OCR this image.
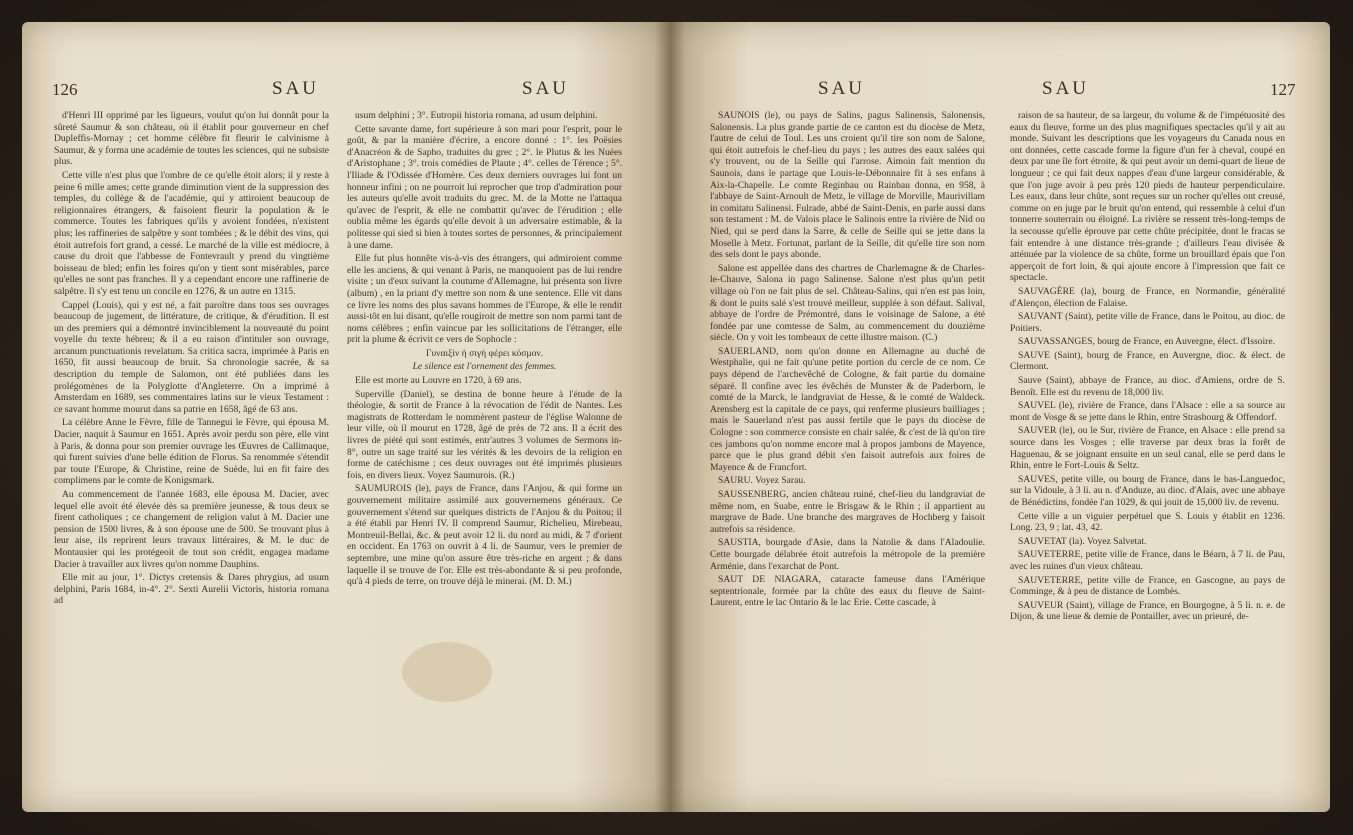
126	SAU	SAU

d'Henri III opprimé par les ligueurs, voulut qu'on lui donnât pour la sûreté Saumur & son château, où il établit pour gouverneur en chef Dupleffis-Mornay ; cet homme célèbre fit fleurir le calvinisme à Saumur, & y forma une académie de toutes les sciences, qui ne subsiste plus.

Cette ville n'est plus que l'ombre de ce qu'elle étoit alors; il y reste à peine 6 mille ames; cette grande diminution vient de la suppression des temples, du collège & de l'académie, qui y attiroient beaucoup de religionnaires étrangers, & faisoient fleurir la population & le commerce. Toutes les fabriques qu'ils y avoient fondées, n'existent plus; les raffineries de salpêtre y sont tombées ; & le débit des vins, qui étoit autrefois fort grand, a cessé. Le marché de la ville est médiocre, à cause du droit que l'abbesse de Fontevrault y prend du vingtième boisseau de bled; enfin les foires qu'on y tient sont misérables, parce qu'elles ne sont pas franches. Il y a cependant encore une raffinerie de salpêtre. Il s'y est tenu un concile en 1276, & un autre en 1315.

Cappel (Louis), qui y est né, a fait paroître dans tous ses ouvrages beaucoup de jugement, de littérature, de critique, & d'érudition. Il est un des premiers qui a démontré invinciblement la nouveauté du point voyelle du texte hébreu; & il a eu raison d'intituler son ouvrage, arcanum punctuationis revelatum. Sa critica sacra, imprimée à Paris en 1650, fit aussi beaucoup de bruit. Sa chronologie sacrée, & sa description du temple de Salomon, ont été publiées dans les prolégomènes de la Polyglotte d'Angleterre. On a imprimé à Amsterdam en 1689, ses commentaires latins sur le vieux Testament : ce savant homme mourut dans sa patrie en 1658, âgé de 63 ans.

La célèbre Anne le Fèvre, fille de Tannegui le Fèvre, qui épousa M. Dacier, naquit à Saumur en 1651. Après avoir perdu son père, elle vint à Paris, & donna pour son premier ouvrage les Œuvres de Callimaque, qui furent suivies d'une belle édition de Florus. Sa renommée s'étendit par toute l'Europe, & Christine, reine de Suède, lui en fit faire des complimens par le comte de Konigsmark.

Au commencement de l'année 1683, elle épousa M. Dacier, avec lequel elle avoit été élevée dès sa première jeunesse, & tous deux se firent catholiques ; ce changement de religion valut à M. Dacier une pension de 1500 livres, & à son épouse une de 500. Se trouvant plus à leur aise, ils reprirent leurs travaux littéraires, & M. le duc de Montausier qui les protégeoit de tout son crédit, engagea madame Dacier à travailler aux livres qu'on nomme Dauphins.

Elle mit au jour, 1°. Dictys cretensis & Dares phrygius, ad usum delphini, Paris 1684, in-4°. 2°. Sexti Aurelii Victoris, historia romana ad

usum delphini ; 3°. Eutropii historia romana, ad usum delphini.

Cette savante dame, fort supérieure à son mari pour l'esprit, pour le goût, & par la manière d'écrire, a encore donné : 1°. les Poësies d'Anacréon & de Sapho, traduites du grec ; 2°. le Plutus & les Nuées d'Aristophane ; 3°. trois comédies de Plaute ; 4°. celles de Térence ; 5°. l'Iliade & l'Odissée d'Homère. Ces deux derniers ouvrages lui font un honneur infini ; on ne pourroit lui reprocher que trop d'admiration pour les auteurs qu'elle avoit traduits du grec. M. de la Motte ne l'attaqua qu'avec de l'esprit, & elle ne combattit qu'avec de l'érudition ; elle oublia même les égards qu'elle devoit à un adversaire estimable, & la politesse qui sied si bien à toutes sortes de personnes, & principalement à une dame.

Elle fut plus honnête vis-à-vis des étrangers, qui admiroient comme elle les anciens, & qui venant à Paris, ne manquoient pas de lui rendre visite ; un d'eux suivant la coutume d'Allemagne, lui présenta son livre (album) , en la priant d'y mettre son nom & une sentence. Elle vit dans ce livre les noms des plus savans hommes de l'Europe, & elle le rendit aussi-tôt en lui disant, qu'elle rougiroit de mettre son nom parmi tant de noms célèbres ; enfin vaincue par les sollicitations de l'étranger, elle prit la plume & écrivit ce vers de Sophocle :

Γυναιξὶν ἡ σιγὴ φέρει κόσμον.

Le silence est l'ornement des femmes.

Elle est morte au Louvre en 1720, à 69 ans.

Superville (Daniel), se destina de bonne heure à l'étude de la théologie, & sortit de France à la révocation de l'édit de Nantes. Les magistrats de Rotterdam le nommèrent pasteur de l'église Walonne de leur ville, où il mourut en 1728, âgé de près de 72 ans. Il a écrit des livres de piété qui sont estimés, entr'autres 3 volumes de Sermons in-8°, outre un sage traité sur les vérités & les devoirs de la religion en forme de catéchisme ; ces deux ouvrages ont été imprimés plusieurs fois, en divers lieux. Voyez Saumurois. (R.)

SAUMUROIS (le), pays de France, dans l'Anjou, & qui forme un gouvernement militaire assimilé aux gouvernemens généraux. Ce gouvernement s'étend sur quelques districts de l'Anjou & du Poitou; il a été établi par Henri IV. Il comprend Saumur, Richelieu, Mirebeau, Montreuil-Bellai, &c. & peut avoir 12 li. du nord au midi, & 7 d'orient en occident. En 1763 on ouvrit à 4 li. de Saumur, vers le premier de septembre, une mine qu'on assure être très-riche en argent ; & dans laquelle il se trouve de l'or. Elle est très-abondante & si peu profonde, qu'à 4 pieds de terre, on trouve déjà le minerai. (M. D. M.)

SAU	SAU	127

SAUNOIS (le), ou pays de Salins, pagus Salinensis, Salonensis, Salonensis. La plus grande partie de ce canton est du diocèse de Metz, l'autre de celui de Toul. Les uns croient qu'il tire son nom de Salone, qui étoit autrefois le chef-lieu du pays ; les autres des eaux salées qui s'y trouvent, ou de la Seille qui l'arrose. Aimoin fait mention du Saunois, dans le partage que Louis-le-Débonnaire fit à ses enfans à Aix-la-Chapelle. Le comte Reginbau ou Rainbau donna, en 958, à l'abbaye de Saint-Arnoult de Metz, le village de Morville, Maurivillam in comitatu Salinensi. Fulrade, abbé de Saint-Denis, en parle aussi dans son testament : M. de Valois place le Salinois entre la rivière de Nid ou Nied, qui se perd dans la Sarre, & celle de Seille qui se jette dans la Moselle à Metz. Fortunat, parlant de la Seille, dit qu'elle tire son nom des sels dont le pays abonde.

Salone est appellée dans des chartres de Charlemagne & de Charles-le-Chauve, Salona in pago Salinense. Salone n'est plus qu'un petit village où l'on ne fait plus de sel. Château-Salins, qui n'en est pas loin, & dont le puits salé s'est trouvé meilleur, supplée à son défaut. Salival, abbaye de l'ordre de Prémontré, dans le voisinage de Salone, a été fondée par une comtesse de Salm, au commencement du douzième siècle. On y voit les tombeaux de cette illustre maison. (C.)

SAUERLAND, nom qu'on donne en Allemagne au duché de Westphalie, qui ne fait qu'une petite portion du cercle de ce nom. Ce pays dépend de l'archevêché de Cologne, & fait partie du domaine séparé. Il confine avec les évêchés de Munster & de Paderborn, le comté de la Marck, le landgraviat de Hesse, & le comté de Waldeck. Arensberg est la capitale de ce pays, qui renferme plusieurs bailliages ; mais le Sauerland n'est pas aussi fertile que le pays du diocèse de Cologne : son commerce consiste en chair salée, & c'est de là qu'on tire ces jambons qu'on nomme encore mal à propos jambons de Mayence, parce que le plus grand débit s'en faisoit autrefois aux foires de Mayence & de Francfort.

SAURU. Voyez Sarau.

SAUSSENBERG, ancien château ruiné, chef-lieu du landgraviat de même nom, en Suabe, entre le Brisgaw & le Rhin ; il appartient au margrave de Bade. Une branche des margraves de Hochberg y faisoit autrefois sa résidence.

SAUSTIA, bourgade d'Asie, dans la Natolie & dans l'Aladoulie. Cette bourgade délabrée étoit autrefois la métropole de la première Arménie, dans l'exarchat de Pont.

SAUT DE NIAGARA, cataracte fameuse dans l'Amérique septentrionale, formée par la chûte des eaux du fleuve de Saint-Laurent, entre le lac Ontario & le lac Erie. Cette cascade, à

raison de sa hauteur, de sa largeur, du volume & de l'impétuosité des eaux du fleuve, forme un des plus magnifiques spectacles qu'il y ait au monde. Suivant les descriptions que les voyageurs du Canada nous en ont données, cette cascade forme la figure d'un fer à cheval, coupé en deux par une île fort étroite, & qui peut avoir un demi-quart de lieue de longueur ; ce qui fait deux nappes d'eau d'une largeur considérable, & que l'on juge avoir à peu près 120 pieds de hauteur perpendiculaire. Les eaux, dans leur chûte, sont reçues sur un rocher qu'elles ont creusé, comme on en juge par le bruit qu'on entend, qui ressemble à celui d'un tonnerre souterrain ou éloigné. La rivière se ressent très-long-temps de la secousse qu'elle éprouve par cette chûte précipitée, dont le fracas se fait entendre à une distance très-grande ; d'ailleurs l'eau divisée & atténuée par la violence de sa chûte, forme un brouillard épais que l'on apperçoit de fort loin, & qui ajoute encore à l'impression que fait ce spectacle.

SAUVAGÈRE (la), bourg de France, en Normandie, généralité d'Alençon, élection de Falaise.

SAUVANT (Saint), petite ville de France, dans le Poitou, au dioc. de Poitiers.

SAUVASSANGES, bourg de France, en Auvergne, élect. d'Issoire.

SAUVE (Saint), bourg de France, en Auvergne, dioc. & élect. de Clermont.

Sauve (Saint), abbaye de France, au dioc. d'Amiens, ordre de S. Benoît. Elle est du revenu de 18,000 liv.

SAUVEL (le), rivière de France, dans l'Alsace : elle a sa source au mont de Vosge & se jette dans le Rhin, entre Strasbourg & Offendorf.

SAUVER (le), ou le Sur, rivière de France, en Alsace : elle prend sa source dans les Vosges ; elle traverse par deux bras la forêt de Haguenau, & se joignant ensuite en un seul canal, elle se perd dans le Rhin, entre le Fort-Louis & Seltz.

SAUVES, petite ville, ou bourg de France, dans le bas-Languedoc, sur la Vidoule, à 3 li. au n. d'Anduze, au dioc. d'Alais, avec une abbaye de Bénédictins, fondée l'an 1029, & qui jouit de 15,000 liv. de revenu.

Cette ville a un viguier perpétuel que S. Louis y établit en 1236. Long. 23, 9 ; lat. 43, 42.

SAUVETAT (la). Voyez Salvetat.

SAUVETERRE, petite ville de France, dans le Béarn, à 7 li. de Pau, avec les ruines d'un vieux château.

SAUVETERRE, petite ville de France, en Gascogne, au pays de Comminge, & à peu de distance de Lombès.

SAUVEUR (Saint), village de France, en Bourgogne, à 5 li. n. e. de Dijon, & une lieue & demie de Pontailler, avec un prieuré, de-
